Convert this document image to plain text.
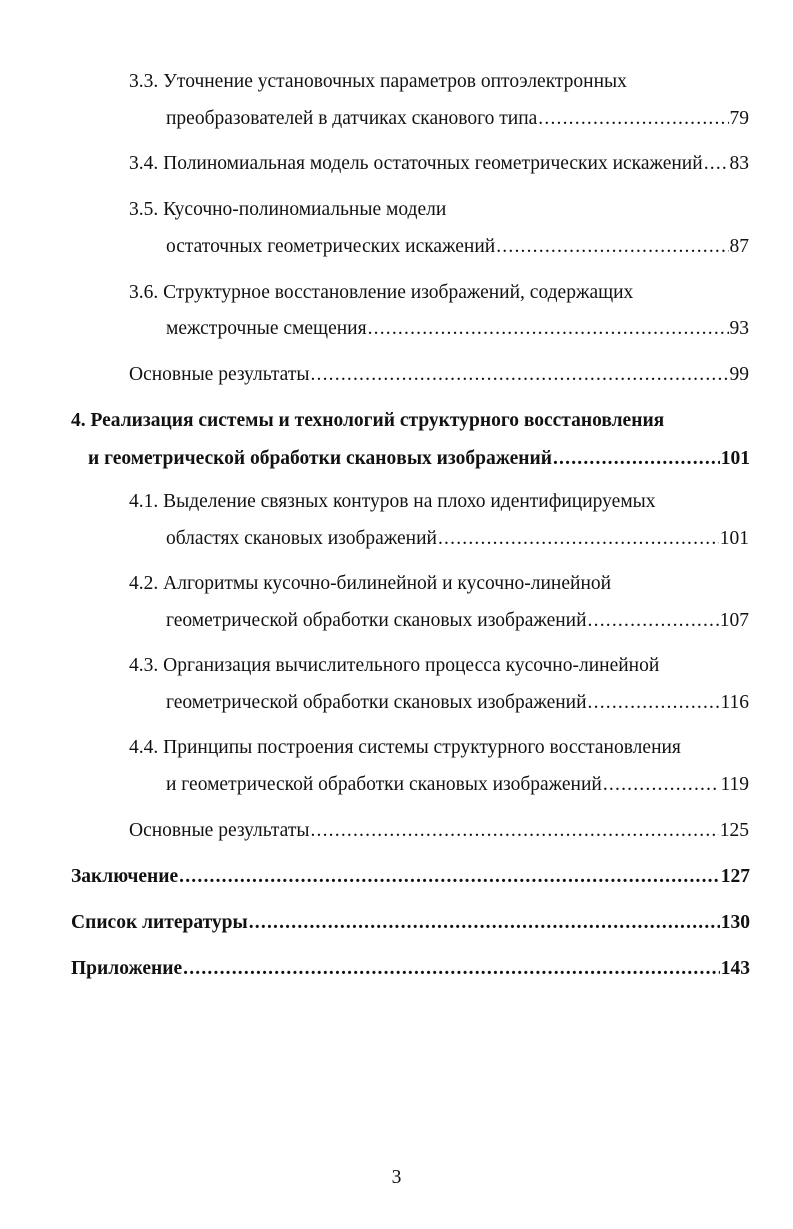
3.3. Уточнение установочных параметров оптоэлектронных
преобразователей в датчиках сканового типа .....	79
3.4. Полиномиальная модель остаточных геометрических искажений ..... 83
3.5. Кусочно-полиномиальные модели
остаточных геометрических искажений .....	87
3.6. Структурное восстановление изображений, содержащих
межстрочные смещения .....	93
Основные результаты .....	99
4. Реализация системы и технологий структурного восстановления
и геометрической обработки сканoвых изображений .....	101
4.1. Выделение связных контуров на плохо идентифицируемых
областях сканoвых изображений .....	101
4.2. Алгоритмы кусочно-билинейной и кусочно-линейной
геометрической обработки сканoвых изображений .....	107
4.3. Организация вычислительного процесса кусочно-линейной
геометрической обработки сканoвых изображений .....	116
4.4. Принципы построения системы структурного восстановления
и геометрической обработки сканoвых изображений .....	119
Основные результаты .....	125
Заключение .....	127
Список литературы .....	130
Приложение .....	143
3
